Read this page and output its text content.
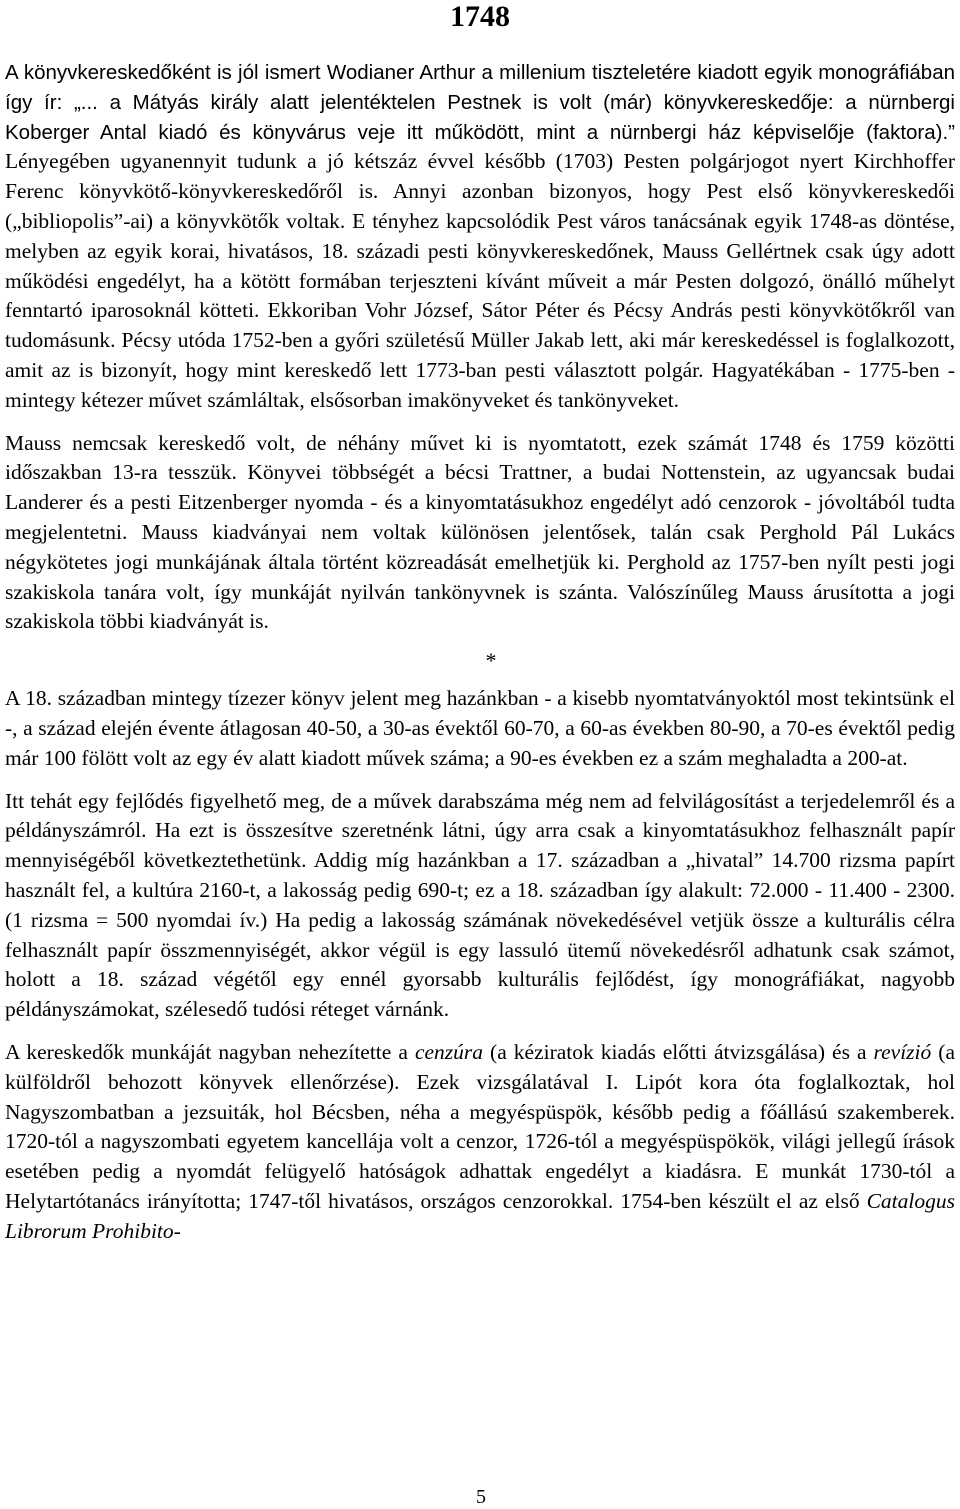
1748

A könyvkereskedőként is jól ismert Wodianer Arthur a millenium tiszteletére kiadott egyik monográfiában így ír: „... a Mátyás király alatt jelentéktelen Pestnek is volt (már) könyvkereskedője: a nürnbergi Koberger Antal kiadó és könyvárus veje itt működött, mint a nürnbergi ház képviselője (faktora).” Lényegében ugyanennyit tudunk a jó kétszáz évvel később (1703) Pesten polgárjogot nyert Kirchhoffer Ferenc könyvkötő-könyvkereskedőről is. Annyi azonban bizonyos, hogy Pest első könyvkereskedői („bibliopolis”-ai) a könyvkötők voltak. E tényhez kapcsolódik Pest város tanácsának egyik 1748-as döntése, melyben az egyik korai, hivatásos, 18. századi pesti könyvkereskedőnek, Mauss Gellértnek csak úgy adott működési engedélyt, ha a kötött formában terjeszteni kívánt műveit a már Pesten dolgozó, önálló műhelyt fenntartó iparosoknál kötteti. Ekkoriban Vohr József, Sátor Péter és Pécsy András pesti könyvkötőkről van tudomásunk. Pécsy utóda 1752-ben a győri születésű Müller Jakab lett, aki már kereskedéssel is foglalkozott, amit az is bizonyít, hogy mint kereskedő lett 1773-ban pesti választott polgár. Hagyatékában - 1775-ben - mintegy kétezer művet számláltak, elsősorban imakönyveket és tankönyveket.

Mauss nemcsak kereskedő volt, de néhány művet ki is nyomtatott, ezek számát 1748 és 1759 közötti időszakban 13-ra tesszük. Könyvei többségét a bécsi Trattner, a budai Nottenstein, az ugyancsak budai Landerer és a pesti Eitzenberger nyomda - és a kinyomtatásukhoz engedélyt adó cenzorok - jóvoltából tudta megjelentetni. Mauss kiadványai nem voltak különösen jelentősek, talán csak Perghold Pál Lukács négykötetes jogi munkájának általa történt közreadását emelhetjük ki. Perghold az 1757-ben nyílt pesti jogi szakiskola tanára volt, így munkáját nyilván tankönyvnek is szánta. Valószínűleg Mauss árusította a jogi szakiskola többi kiadványát is.

*

A 18. században mintegy tízezer könyv jelent meg hazánkban - a kisebb nyomtatványoktól most tekintsünk el -, a század elején évente átlagosan 40-50, a 30-as évektől 60-70, a 60-as években 80-90, a 70-es évektől pedig már 100 fölött volt az egy év alatt kiadott művek száma; a 90-es években ez a szám meghaladta a 200-at.

Itt tehát egy fejlődés figyelhető meg, de a művek darabszáma még nem ad felvilágosítást a terjedelemről és a példányszámról. Ha ezt is összesítve szeretnénk látni, úgy arra csak a kinyomtatásukhoz felhasznált papír mennyiségéből következtethetünk. Addig míg hazánkban a 17. században a „hivatal” 14.700 rizsma papírt használt fel, a kultúra 2160-t, a lakosság pedig 690-t; ez a 18. században így alakult: 72.000 - 11.400 - 2300. (1 rizsma = 500 nyomdai ív.) Ha pedig a lakosság számának növekedésével vetjük össze a kulturális célra felhasznált papír összmennyiségét, akkor végül is egy lassuló ütemű növekedésről adhatunk csak számot, holott a 18. század végétől egy ennél gyorsabb kulturális fejlődést, így monográfiákat, nagyobb példányszámokat, szélesedő tudósi réteget várnánk.

A kereskedők munkáját nagyban nehezítette a cenzúra (a kéziratok kiadás előtti átvizsgálása) és a revízió (a külföldről behozott könyvek ellenőrzése). Ezek vizsgálatával I. Lipót kora óta foglalkoztak, hol Nagyszombatban a jezsuiták, hol Bécsben, néha a megyéspüspök, később pedig a főállású szakemberek. 1720-tól a nagyszombati egyetem kancellája volt a cenzor, 1726-tól a megyéspüspökök, világi jellegű írások esetében pedig a nyomdát felügyelő hatóságok adhattak engedélyt a kiadásra. E munkát 1730-tól a Helytartótanács irányította; 1747-től hivatásos, országos cenzorokkal. 1754-ben készült el az első Catalogus Librorum Prohibito-

5
